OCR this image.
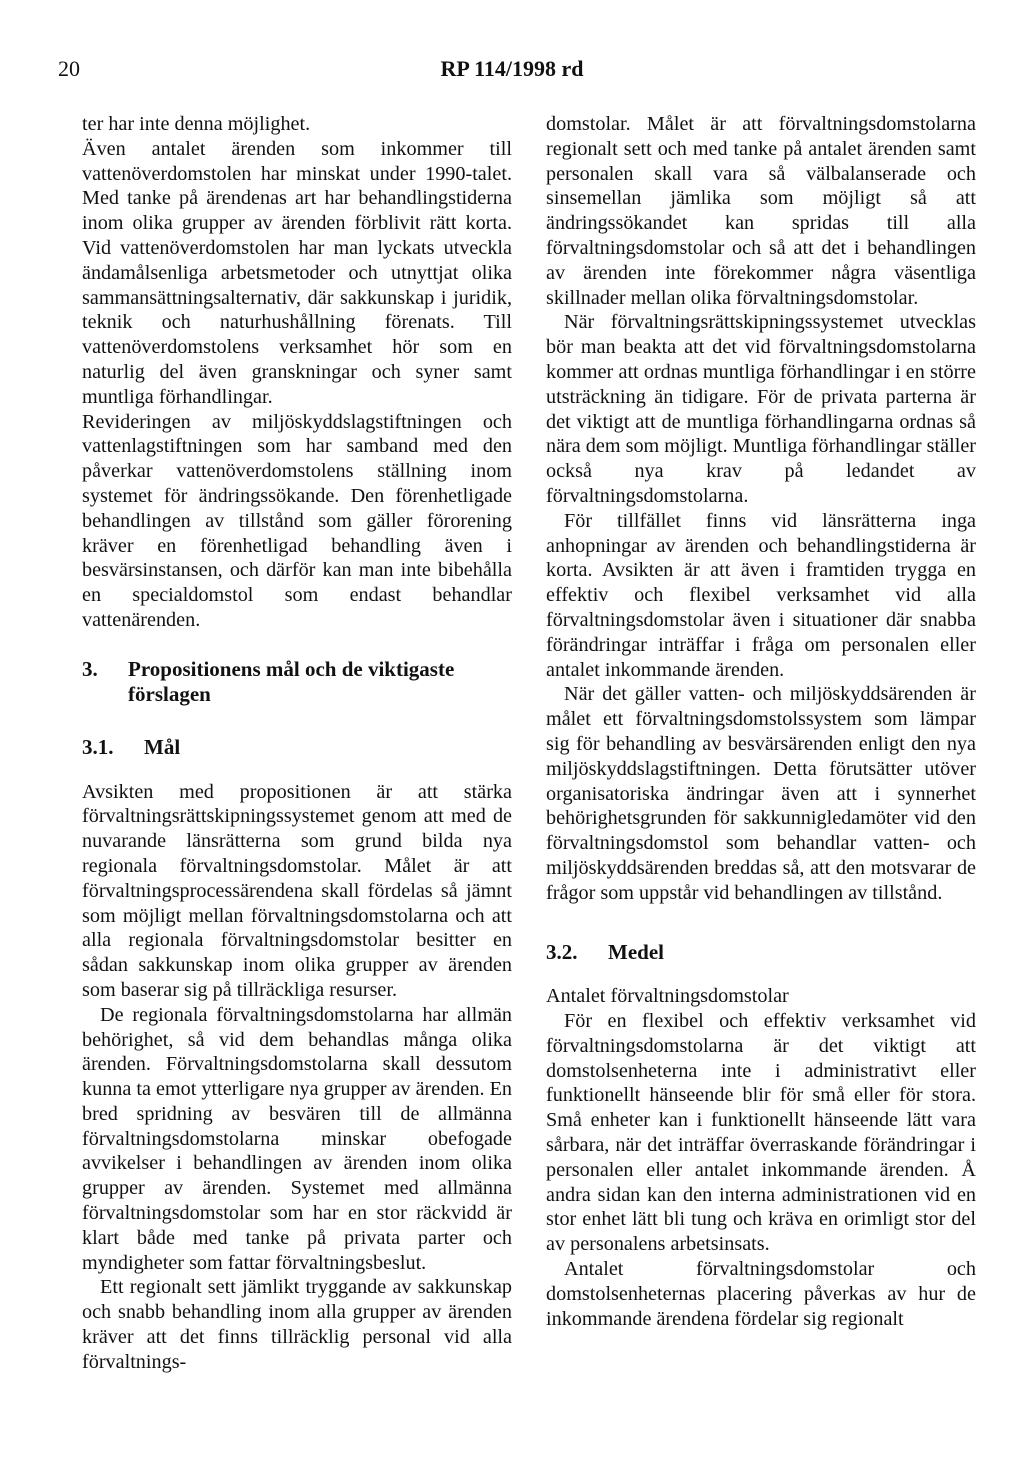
20	RP 114/1998 rd

ter har inte denna möjlighet.

Även antalet ärenden som inkommer till vattenöverdomstolen har minskat under 1990-talet. Med tanke på ärendenas art har behandlingstiderna inom olika grupper av ärenden förblivit rätt korta. Vid vattenöverdomstolen har man lyckats utveckla ändamålsenliga arbetsmetoder och utnyttjat olika sammansättningsalternativ, där sakkunskap i juridik, teknik och naturhushållning förenats. Till vattenöverdomstolens verksamhet hör som en naturlig del även granskningar och syner samt muntliga förhandlingar.

Revideringen av miljöskyddslagstiftningen och vattenlagstiftningen som har samband med den påverkar vattenöverdomstolens ställning inom systemet för ändringssökande. Den förenhetligade behandlingen av tillstånd som gäller förorening kräver en förenhetligad behandling även i besvärsinstansen, och därför kan man inte bibehålla en specialdomstol som endast behandlar vattenärenden.

3.	Propositionens mål och de viktigaste förslagen
3.1.	Mål

Avsikten med propositionen är att stärka förvaltningsrättskipningssystemet genom att med de nuvarande länsrätterna som grund bilda nya regionala förvaltningsdomstolar. Målet är att förvaltningsprocessärendena skall fördelas så jämnt som möjligt mellan förvaltningsdomstolarna och att alla regionala förvaltningsdomstolar besitter en sådan sakkunskap inom olika grupper av ärenden som baserar sig på tillräckliga resurser.

De regionala förvaltningsdomstolarna har allmän behörighet, så vid dem behandlas många olika ärenden. Förvaltningsdomstolarna skall dessutom kunna ta emot ytterligare nya grupper av ärenden. En bred spridning av besvären till de allmänna förvaltningsdomstolarna minskar obefogade avvikelser i behandlingen av ärenden inom olika grupper av ärenden. Systemet med allmänna förvaltningsdomstolar som har en stor räckvidd är klart både med tanke på privata parter och myndigheter som fattar förvaltningsbeslut.

Ett regionalt sett jämlikt tryggande av sakkunskap och snabb behandling inom alla grupper av ärenden kräver att det finns tillräcklig personal vid alla förvaltnings-

domstolar. Målet är att förvaltningsdomstolarna regionalt sett och med tanke på antalet ärenden samt personalen skall vara så välbalanserade och sinsemellan jämlika som möjligt så att ändringssökandet kan spridas till alla förvaltningsdomstolar och så att det i behandlingen av ärenden inte förekommer några väsentliga skillnader mellan olika förvaltningsdomstolar.

När förvaltningsrättskipningssystemet utvecklas bör man beakta att det vid förvaltningsdomstolarna kommer att ordnas muntliga förhandlingar i en större utsträckning än tidigare. För de privata parterna är det viktigt att de muntliga förhandlingarna ordnas så nära dem som möjligt. Muntliga förhandlingar ställer också nya krav på ledandet av förvaltningsdomstolarna.

För tillfället finns vid länsrätterna inga anhopningar av ärenden och behandlingstiderna är korta. Avsikten är att även i framtiden trygga en effektiv och flexibel verksamhet vid alla förvaltningsdomstolar även i situationer där snabba förändringar inträffar i fråga om personalen eller antalet inkommande ärenden.

När det gäller vatten- och miljöskyddsärenden är målet ett förvaltningsdomstolssystem som lämpar sig för behandling av besvärsärenden enligt den nya miljöskyddslagstiftningen. Detta förutsätter utöver organisatoriska ändringar även att i synnerhet behörighetsgrunden för sakkunnigledamöter vid den förvaltningsdomstol som behandlar vatten- och miljöskyddsärenden breddas så, att den motsvarar de frågor som uppstår vid behandlingen av tillstånd.

3.2.	Medel

Antalet förvaltningsdomstolar

För en flexibel och effektiv verksamhet vid förvaltningsdomstolarna är det viktigt att domstolsenheterna inte i administrativt eller funktionellt hänseende blir för små eller för stora. Små enheter kan i funktionellt hänseende lätt vara sårbara, när det inträffar överraskande förändringar i personalen eller antalet inkommande ärenden. Å andra sidan kan den interna administrationen vid en stor enhet lätt bli tung och kräva en orimligt stor del av personalens arbetsinsats.

Antalet förvaltningsdomstolar och domstolsenheternas placering påverkas av hur de inkommande ärendena fördelar sig regionalt
